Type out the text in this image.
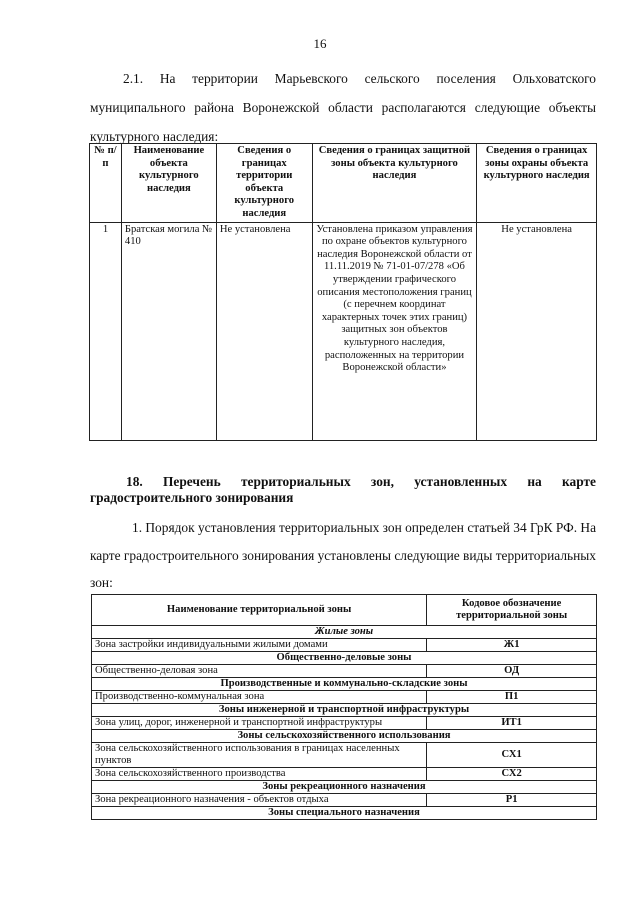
16
2.1. На территории Марьевского сельского поселения Ольховатского муниципального района Воронежской области располагаются следующие объекты культурного наследия:
№ п/п	Наименование объекта культурного наследия	Сведения о границах территории объекта культурного наследия	Сведения о границах защитной зоны объекта культурного наследия	Сведения о границах зоны охраны объекта культурного наследия
1	Братская могила № 410	Не установлена	Установлена приказом управления по охране объектов культурного наследия Воронежской области от 11.11.2019 № 71-01-07/278 «Об утверждении графического описания местоположения границ (с перечнем координат характерных точек этих границ) защитных зон объектов культурного наследия, расположенных на территории Воронежской области»	Не установлена
18. Перечень территориальных зон, установленных на карте градостроительного зонирования
1. Порядок установления территориальных зон определен статьей 34 ГрК РФ. На карте градостроительного зонирования установлены следующие виды территориальных зон:
Наименование территориальной зоны	Кодовое обозначение территориальной зоны
Жилые зоны	
Зона застройки индивидуальными жилыми домами	Ж1
Общественно-деловые зоны	
Общественно-деловая зона	ОД
Производственные и коммунально-складские зоны	
Производственно-коммунальная зона	П1
Зоны инженерной и транспортной инфраструктуры	
Зона улиц, дорог, инженерной и транспортной инфраструктуры	ИТ1
Зоны сельскохозяйственного использования	
Зона сельскохозяйственного использования в границах населенных пунктов	СХ1
Зона сельскохозяйственного производства	СХ2
Зоны рекреационного назначения	
Зона рекреационного назначения - объектов отдыха	Р1
Зоны специального назначения	
